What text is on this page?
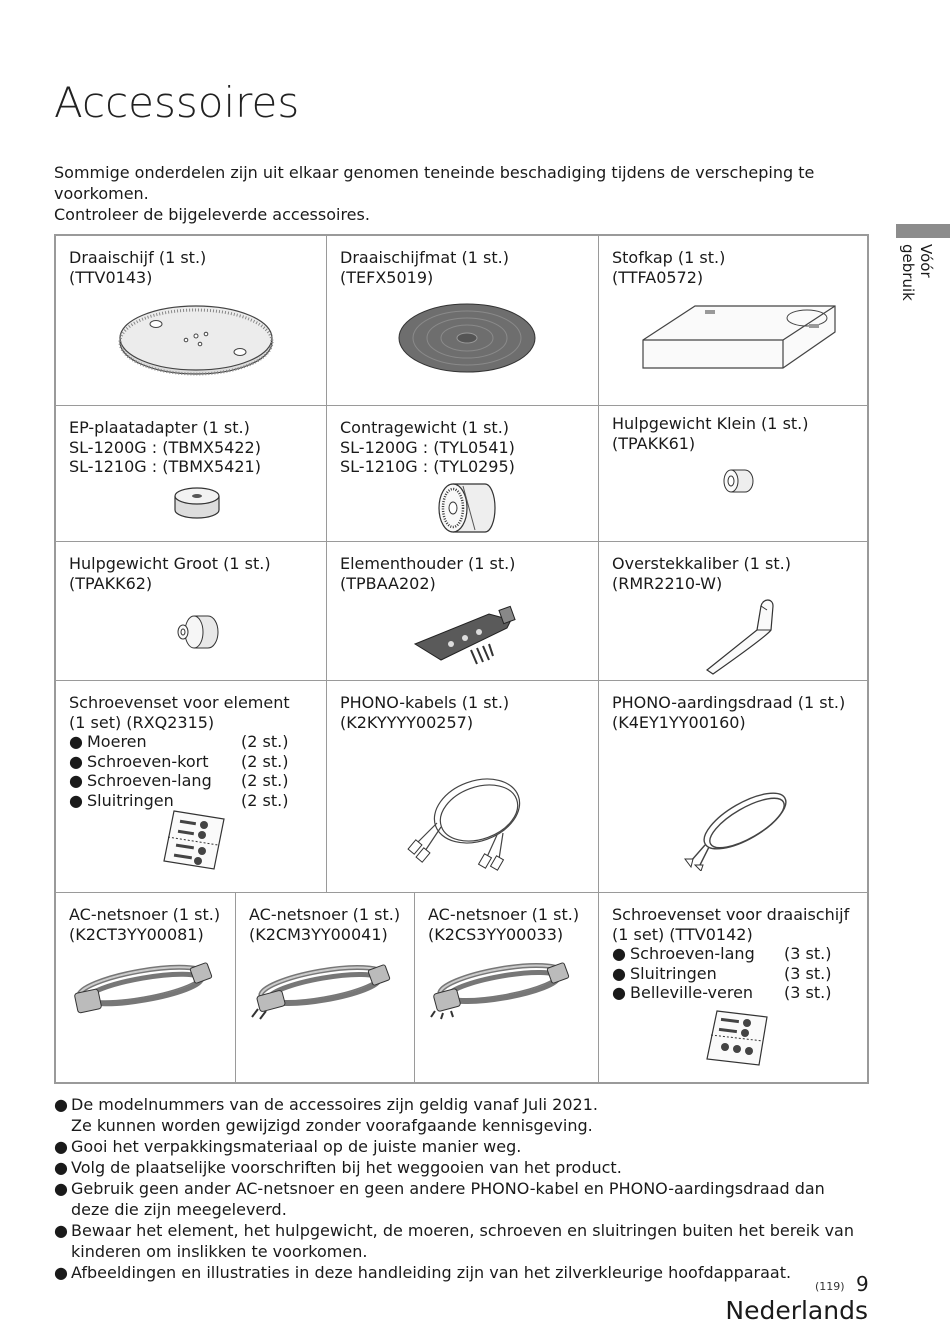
Accessoires

Sommige onderdelen zijn uit elkaar genomen teneinde beschadiging tijdens de verscheping te

voorkomen.

Controleer de bijgeleverde accessoires.

Vóór
gebruik
Draaischijf (1 st.)
(TTV0143)
Draaischijfmat (1 st.)
(TEFX5019)
Stofkap (1 st.)
(TTFA0572)
EP-plaatadapter (1 st.)
SL-1200G : (TBMX5422)
SL-1210G : (TBMX5421)
Contragewicht (1 st.)
SL-1200G : (TYL0541)
SL-1210G : (TYL0295)
Hulpgewicht Klein (1 st.)
(TPAKK61)
Hulpgewicht Groot (1 st.)
(TPAKK62)
Elementhouder (1 st.)
(TPBAA202)
Overstekkaliber (1 st.)
(RMR2210-W)
Schroevenset voor element
(1 set) (RXQ2315)
● Moeren	(2 st.)
● Schroeven-kort	(2 st.)
● Schroeven-lang	(2 st.)
● Sluitringen	(2 st.)
PHONO-kabels (1 st.)
(K2KYYYY00257)
PHONO-aardingsdraad (1 st.)
(K4EY1YY00160)
AC-netsnoer (1 st.)
(K2CT3YY00081)
AC-netsnoer (1 st.)
(K2CM3YY00041)
AC-netsnoer (1 st.)
(K2CS3YY00033)
Schroevenset voor draaischijf
(1 set) (TTV0142)
● Schroeven-lang	(3 st.)
● Sluitringen	(3 st.)
● Belleville-veren	(3 st.)
● De modelnummers van de accessoires zijn geldig vanaf Juli 2021.
Ze kunnen worden gewijzigd zonder voorafgaande kennisgeving.
● Gooi het verpakkingsmateriaal op de juiste manier weg.
● Volg de plaatselijke voorschriften bij het weggooien van het product.
● Gebruik geen ander AC-netsnoer en geen andere PHONO-kabel en PHONO-aardingsdraad dan
deze die zijn meegeleverd.
● Bewaar het element, het hulpgewicht, de moeren, schroeven en sluitringen buiten het bereik van
kinderen om inslikken te voorkomen.
● Afbeeldingen en illustraties in deze handleiding zijn van het zilverkleurige hoofdapparaat.
(119) 9
Nederlands
